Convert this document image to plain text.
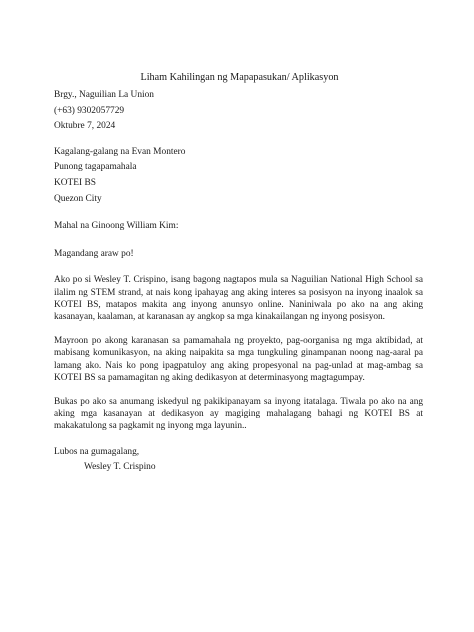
Liham Kahilingan ng Mapapasukan/ Aplikasyon
Brgy., Naguilian La Union
(+63) 9302057729
Oktubre 7, 2024
Kagalang-galang na Evan Montero
Punong tagapamahala
KOTEI BS
Quezon City
Mahal na Ginoong William Kim:
Magandang araw po!

Ako po si Wesley T. Crispino, isang bagong nagtapos mula sa Naguilian National High School sa ilalim ng STEM strand, at nais kong ipahayag ang aking interes sa posisyon na inyong inaalok sa KOTEI BS, matapos makita ang inyong anunsyo online. Naniniwala po ako na ang aking kasanayan, kaalaman, at karanasan ay angkop sa mga kinakailangan ng inyong posisyon.

Mayroon po akong karanasan sa pamamahala ng proyekto, pag-oorganisa ng mga aktibidad, at mabisang komunikasyon, na aking naipakita sa mga tungkuling ginampanan noong nag-aaral pa lamang ako. Nais ko pong ipagpatuloy ang aking propesyonal na pag-unlad at mag-ambag sa KOTEI BS sa pamamagitan ng aking dedikasyon at determinasyong magtagumpay.

Bukas po ako sa anumang iskedyul ng pakikipanayam sa inyong itatalaga. Tiwala po ako na ang aking mga kasanayan at dedikasyon ay magiging mahalagang bahagi ng KOTEI BS at makakatulong sa pagkamit ng inyong mga layunin..

Lubos na gumagalang,
Wesley T. Crispino
